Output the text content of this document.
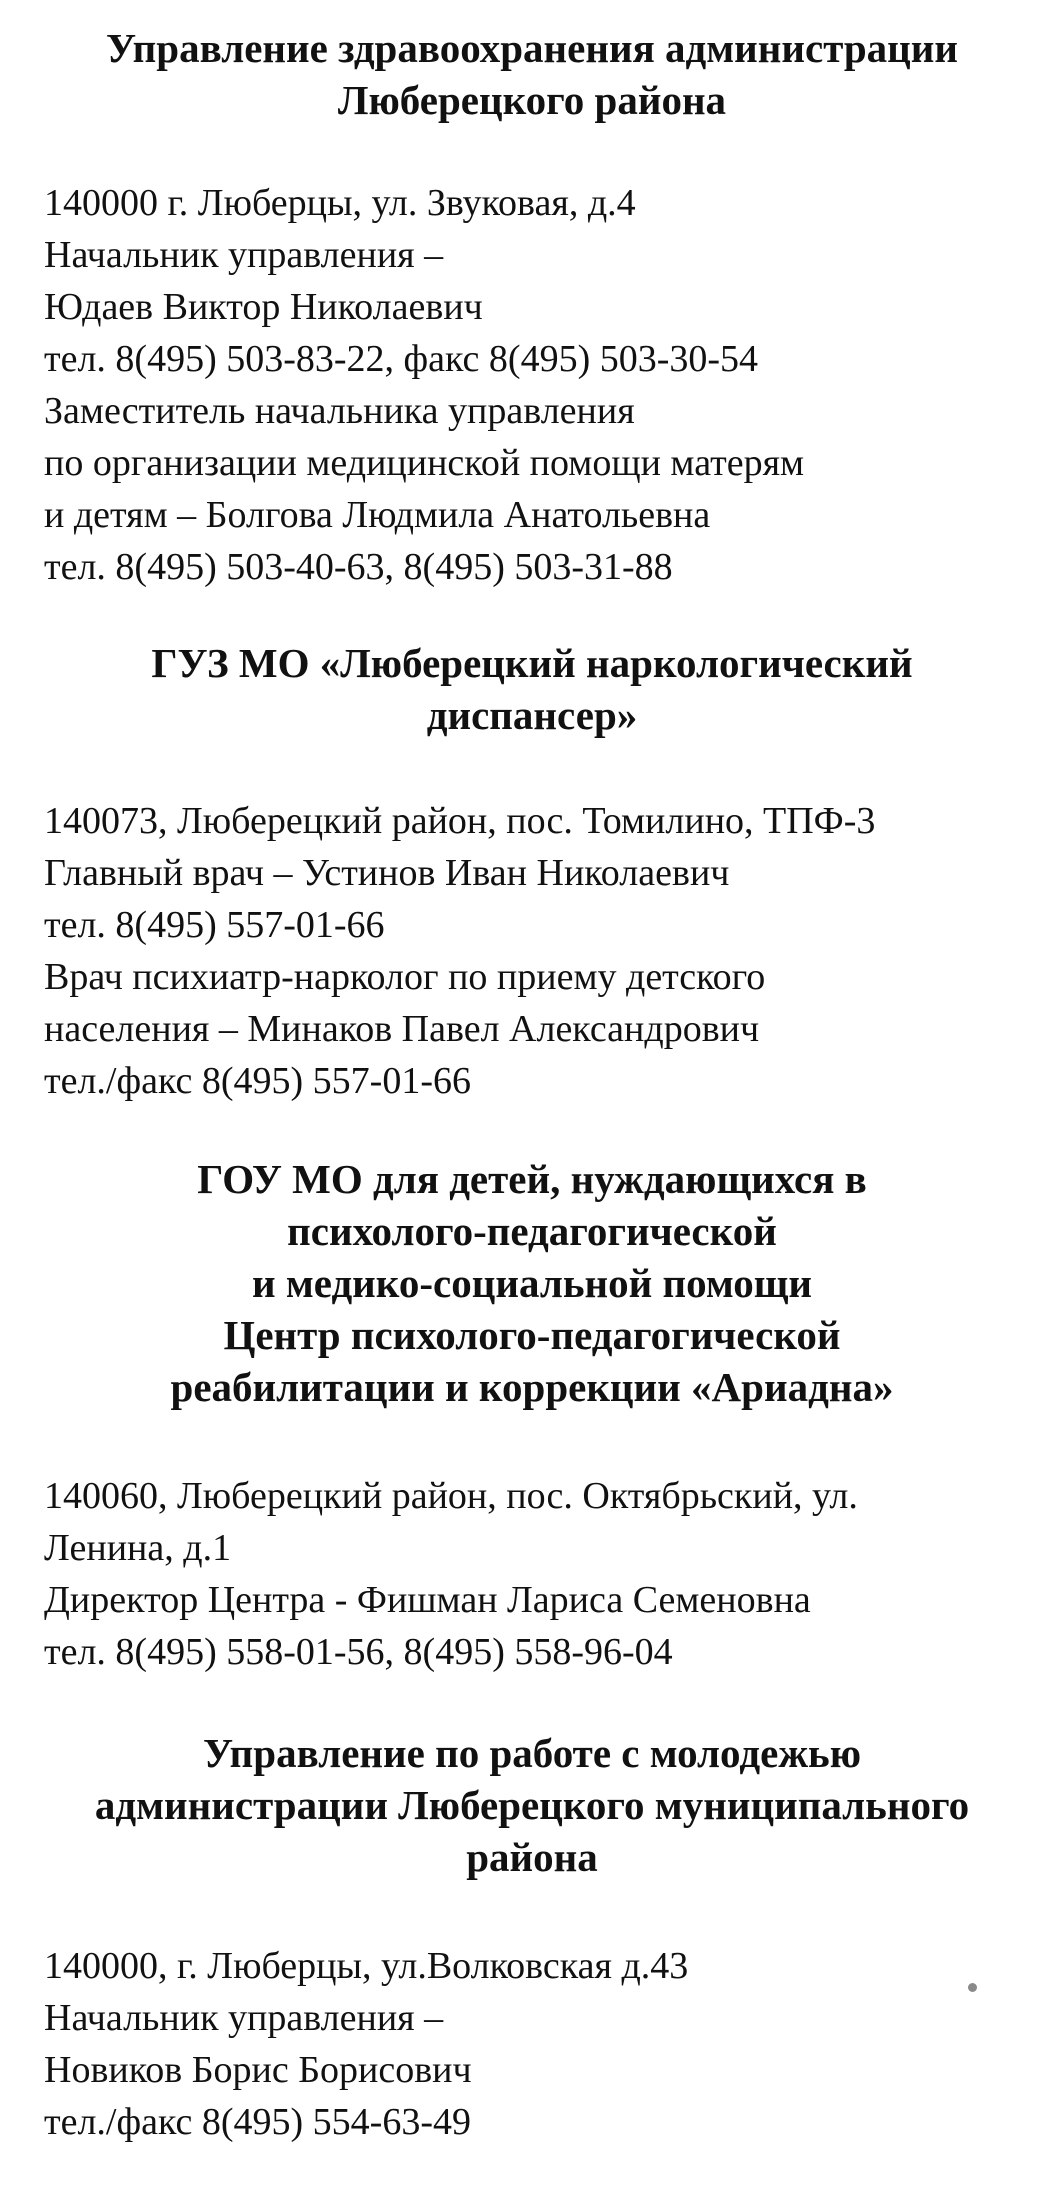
Управление здравоохранения администрации
Люберецкого района
140000 г. Люберцы, ул. Звуковая, д.4
Начальник управления –
Юдаев Виктор Николаевич
тел. 8(495) 503-83-22, факс 8(495) 503-30-54
Заместитель начальника управления
по организации медицинской помощи матерям
и детям – Болгова Людмила Анатольевна
тел. 8(495) 503-40-63, 8(495) 503-31-88
ГУЗ МО «Люберецкий наркологический
диспансер»
140073, Люберецкий район, пос. Томилино, ТПФ-3
Главный врач – Устинов Иван Николаевич
тел. 8(495) 557-01-66
Врач психиатр-нарколог по приему детского
населения – Минаков Павел Александрович
тел./факс 8(495) 557-01-66
ГОУ МО для детей, нуждающихся в
психолого-педагогической
и медико-социальной помощи
Центр психолого-педагогической
реабилитации и коррекции «Ариадна»
140060, Люберецкий район, пос. Октябрьский, ул.
Ленина, д.1
Директор Центра - Фишман Лариса Семеновна
тел. 8(495) 558-01-56, 8(495) 558-96-04
Управление по работе с молодежью
администрации Люберецкого муниципального
района
140000, г. Люберцы, ул.Волковская д.43
Начальник управления –
Новиков Борис Борисович
тел./факс 8(495) 554-63-49
